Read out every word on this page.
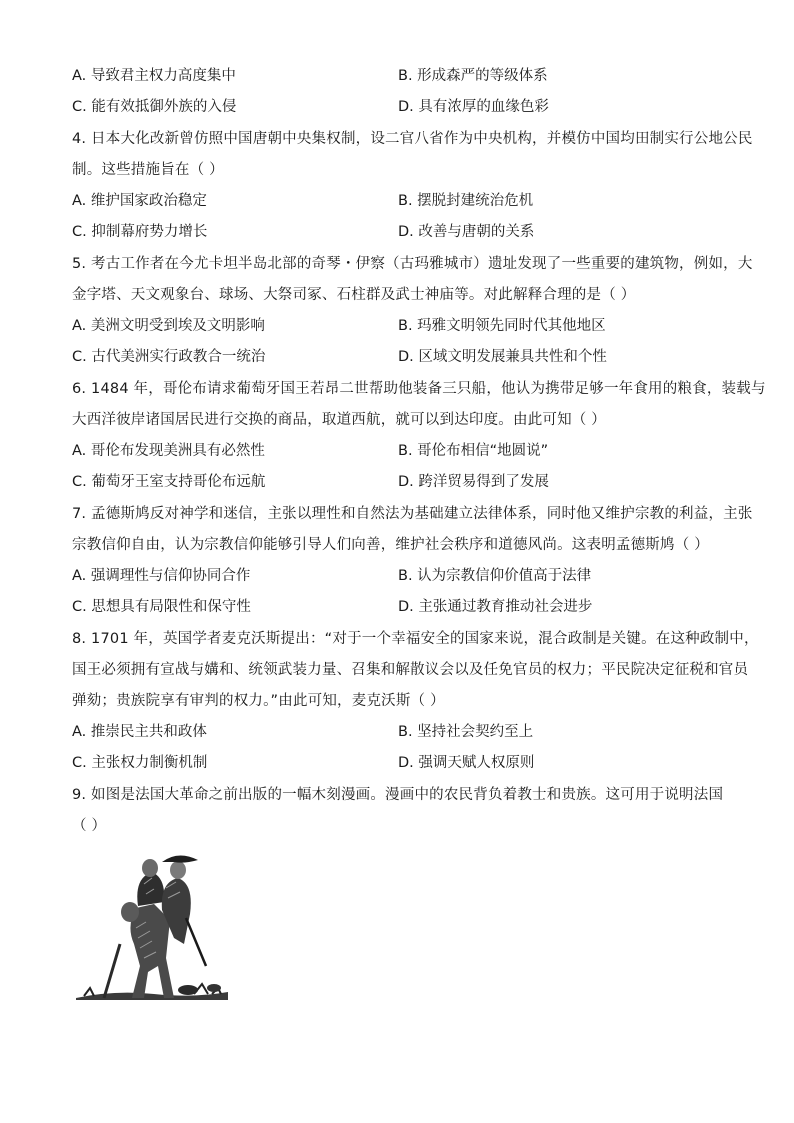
A. 导致君主权力高度集中	B. 形成森严的等级体系
C. 能有效抵御外族的入侵	D. 具有浓厚的血缘色彩
4. 日本大化改新曾仿照中国唐朝中央集权制，设二官八省作为中央机构，并模仿中国均田制实行公地公民
制。这些措施旨在（ ）
A. 维护国家政治稳定	B. 摆脱封建统治危机
C. 抑制幕府势力增长	D. 改善与唐朝的关系
5. 考古工作者在今尤卡坦半岛北部的奇琴・伊察（古玛雅城市）遗址发现了一些重要的建筑物，例如，大
金字塔、天文观象台、球场、大祭司冢、石柱群及武士神庙等。对此解释合理的是（ ）
A. 美洲文明受到埃及文明影响	B. 玛雅文明领先同时代其他地区
C. 古代美洲实行政教合一统治	D. 区域文明发展兼具共性和个性
6. 1484 年，哥伦布请求葡萄牙国王若昂二世帮助他装备三只船，他认为携带足够一年食用的粮食，装载与
大西洋彼岸诸国居民进行交换的商品，取道西航，就可以到达印度。由此可知（ ）
A. 哥伦布发现美洲具有必然性	B. 哥伦布相信“地圆说”
C. 葡萄牙王室支持哥伦布远航	D. 跨洋贸易得到了发展
7. 孟德斯鸠反对神学和迷信，主张以理性和自然法为基础建立法律体系，同时他又维护宗教的利益，主张
宗教信仰自由，认为宗教信仰能够引导人们向善，维护社会秩序和道德风尚。这表明孟德斯鸠（ ）
A. 强调理性与信仰协同合作	B. 认为宗教信仰价值高于法律
C. 思想具有局限性和保守性	D. 主张通过教育推动社会进步
8. 1701 年，英国学者麦克沃斯提出：“对于一个幸福安全的国家来说，混合政制是关键。在这种政制中，
国王必须拥有宣战与媾和、统领武装力量、召集和解散议会以及任免官员的权力；平民院决定征税和官员
弹劾；贵族院享有审判的权力。”由此可知，麦克沃斯（ ）
A. 推崇民主共和政体	B. 坚持社会契约至上
C. 主张权力制衡机制	D. 强调天赋人权原则
9. 如图是法国大革命之前出版的一幅木刻漫画。漫画中的农民背负着教士和贵族。这可用于说明法国
（ ）
